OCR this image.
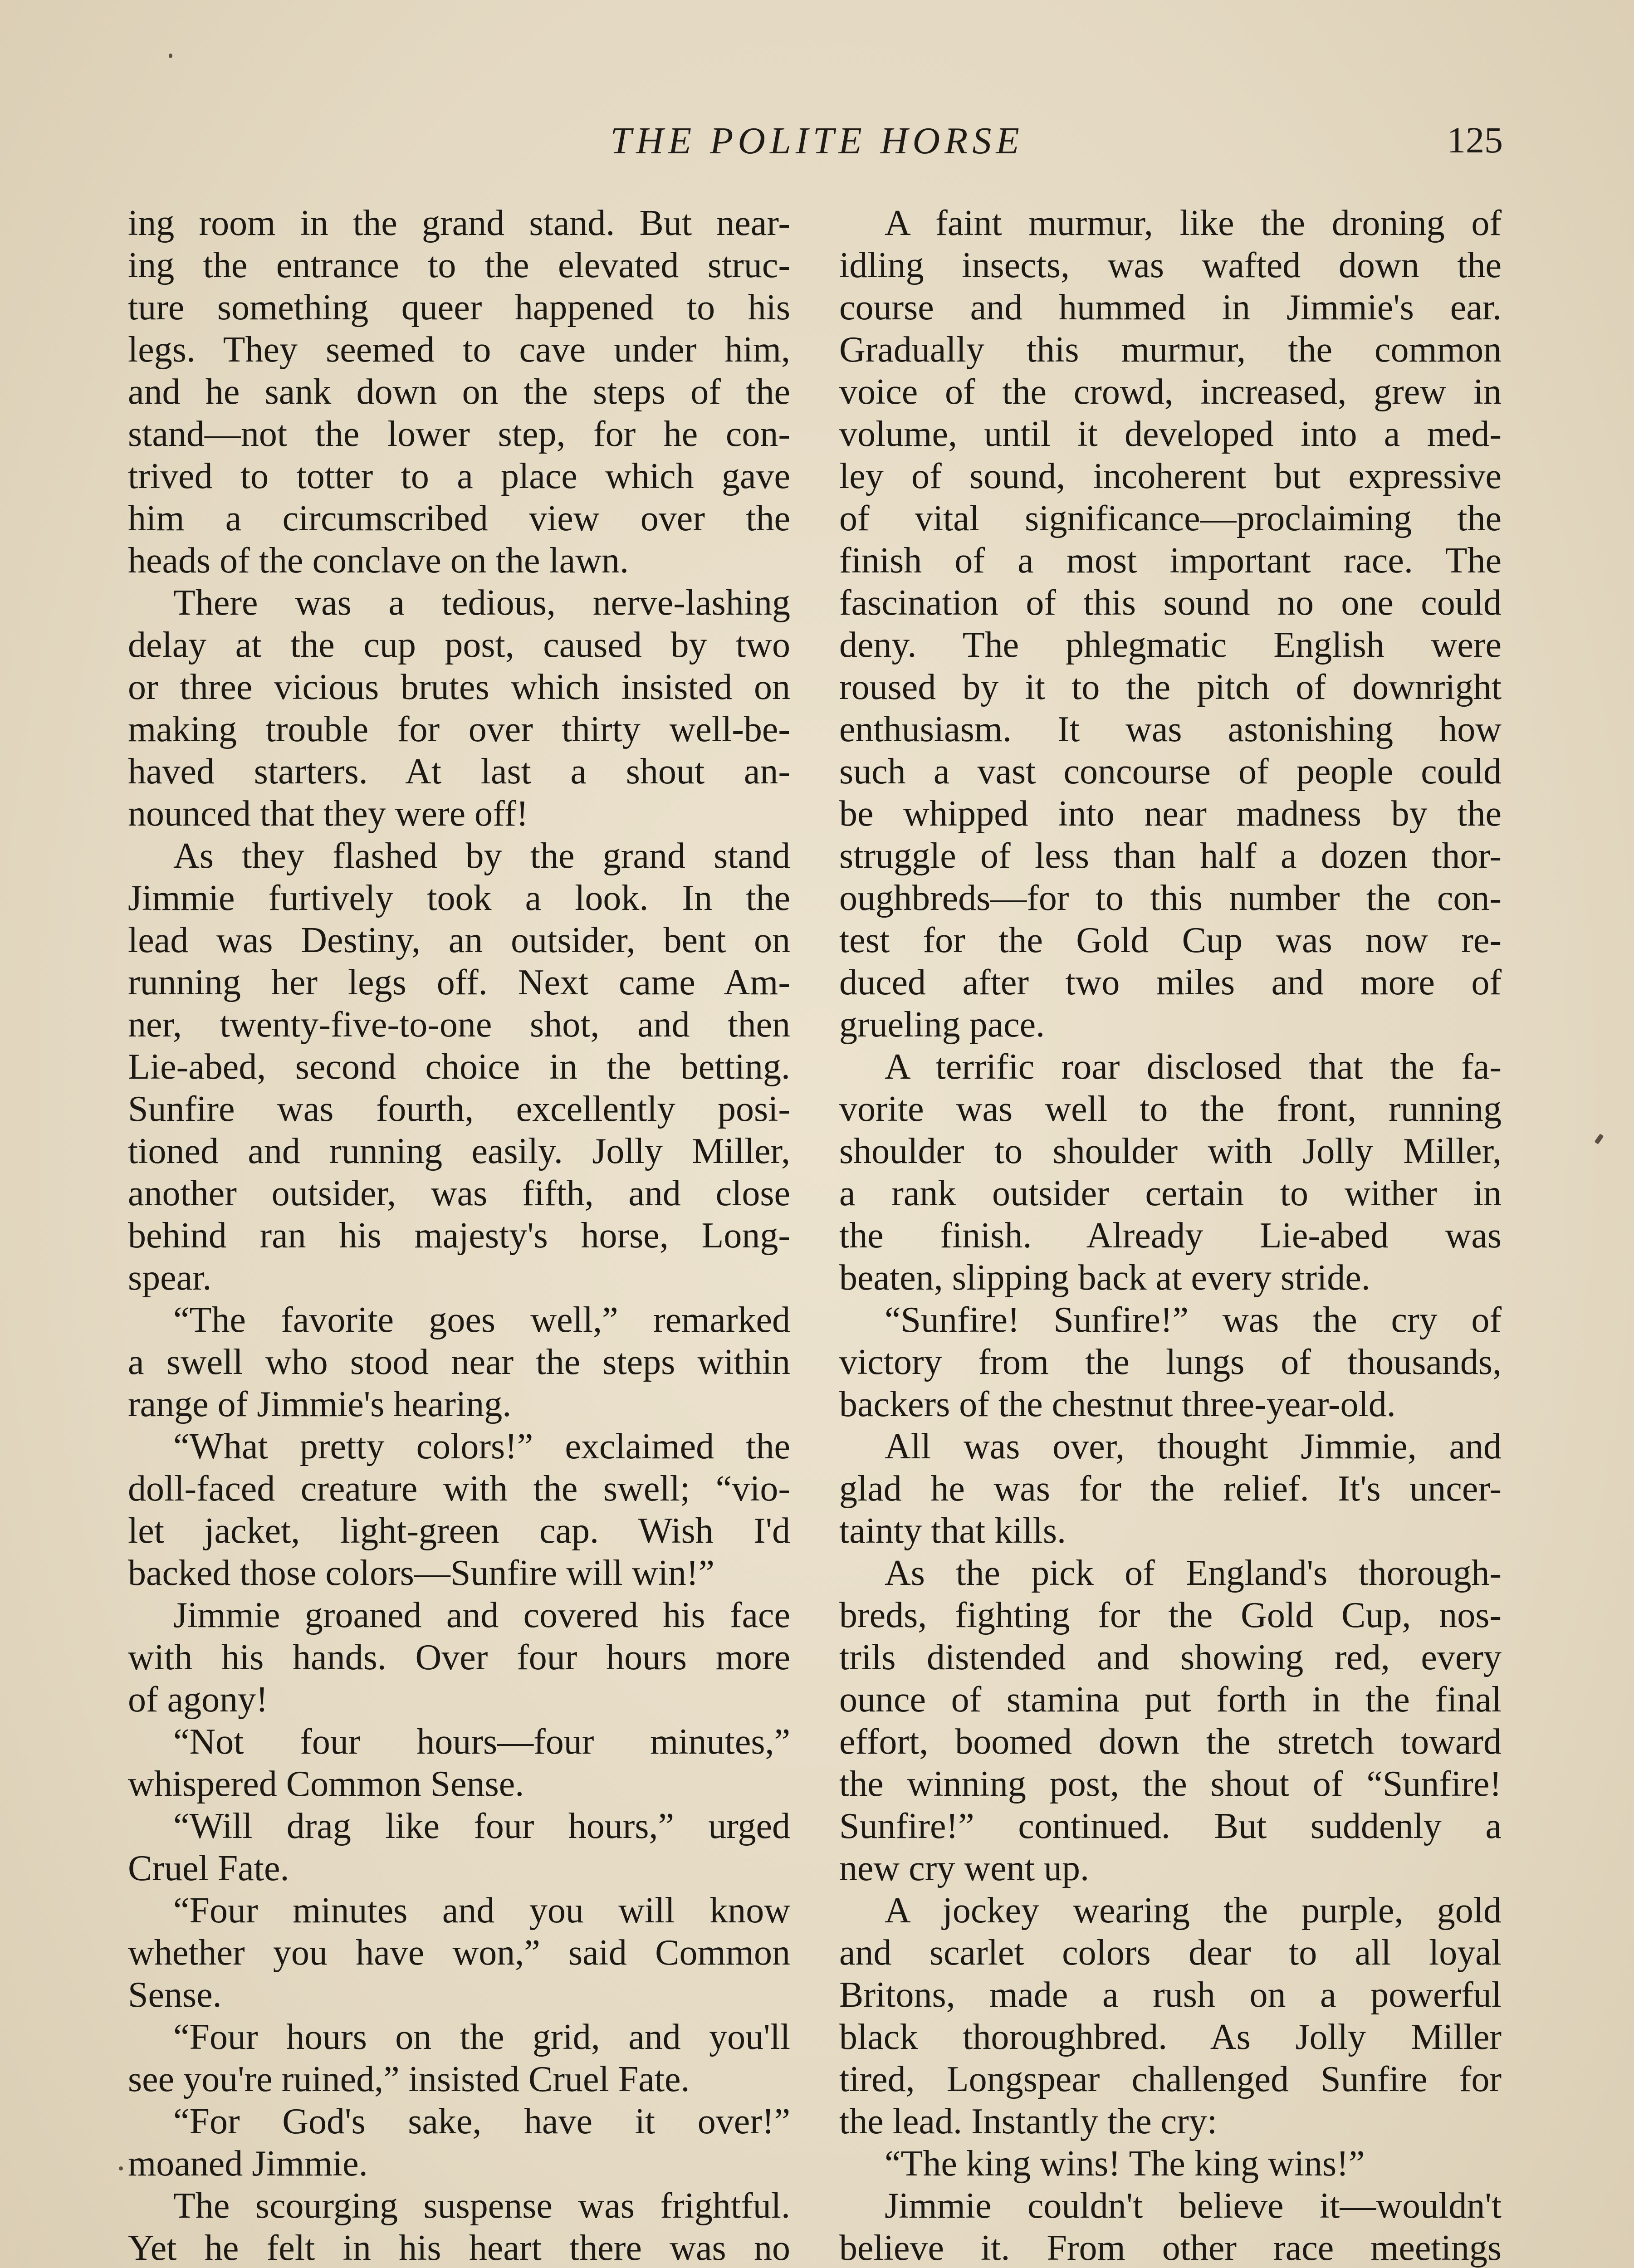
THE POLITE HORSE	125
ing room in the grand stand. But near-
ing the entrance to the elevated struc-
ture something queer happened to his
legs. They seemed to cave under him,
and he sank down on the steps of the
stand—not the lower step, for he con-
trived to totter to a place which gave
him a circumscribed view over the
heads of the conclave on the lawn.
There was a tedious, nerve-lashing
delay at the cup post, caused by two
or three vicious brutes which insisted on
making trouble for over thirty well-be-
haved starters. At last a shout an-
nounced that they were off!
As they flashed by the grand stand
Jimmie furtively took a look. In the
lead was Destiny, an outsider, bent on
running her legs off. Next came Am-
ner, twenty-five-to-one shot, and then
Lie-abed, second choice in the betting.
Sunfire was fourth, excellently posi-
tioned and running easily. Jolly Miller,
another outsider, was fifth, and close
behind ran his majesty's horse, Long-
spear.
“The favorite goes well,” remarked
a swell who stood near the steps within
range of Jimmie's hearing.
“What pretty colors!” exclaimed the
doll-faced creature with the swell; “vio-
let jacket, light-green cap. Wish I'd
backed those colors—Sunfire will win!”
Jimmie groaned and covered his face
with his hands. Over four hours more
of agony!
“Not four hours—four minutes,”
whispered Common Sense.
“Will drag like four hours,” urged
Cruel Fate.
“Four minutes and you will know
whether you have won,” said Common
Sense.
“Four hours on the grid, and you'll
see you're ruined,” insisted Cruel Fate.
“For God's sake, have it over!”
moaned Jimmie.
The scourging suspense was frightful.
Yet he felt in his heart there was no
A faint murmur, like the droning of
idling insects, was wafted down the
course and hummed in Jimmie's ear.
Gradually this murmur, the common
voice of the crowd, increased, grew in
volume, until it developed into a med-
ley of sound, incoherent but expressive
of vital significance—proclaiming the
finish of a most important race. The
fascination of this sound no one could
deny. The phlegmatic English were
roused by it to the pitch of downright
enthusiasm. It was astonishing how
such a vast concourse of people could
be whipped into near madness by the
struggle of less than half a dozen thor-
oughbreds—for to this number the con-
test for the Gold Cup was now re-
duced after two miles and more of
grueling pace.
A terrific roar disclosed that the fa-
vorite was well to the front, running
shoulder to shoulder with Jolly Miller,
a rank outsider certain to wither in
the finish. Already Lie-abed was
beaten, slipping back at every stride.
“Sunfire! Sunfire!” was the cry of
victory from the lungs of thousands,
backers of the chestnut three-year-old.
All was over, thought Jimmie, and
glad he was for the relief. It's uncer-
tainty that kills.
As the pick of England's thorough-
breds, fighting for the Gold Cup, nos-
trils distended and showing red, every
ounce of stamina put forth in the final
effort, boomed down the stretch toward
the winning post, the shout of “Sunfire!
Sunfire!” continued. But suddenly a
new cry went up.
A jockey wearing the purple, gold
and scarlet colors dear to all loyal
Britons, made a rush on a powerful
black thoroughbred. As Jolly Miller
tired, Longspear challenged Sunfire for
the lead. Instantly the cry:
“The king wins! The king wins!”
Jimmie couldn't believe it—wouldn't
believe it. From other race meetings
